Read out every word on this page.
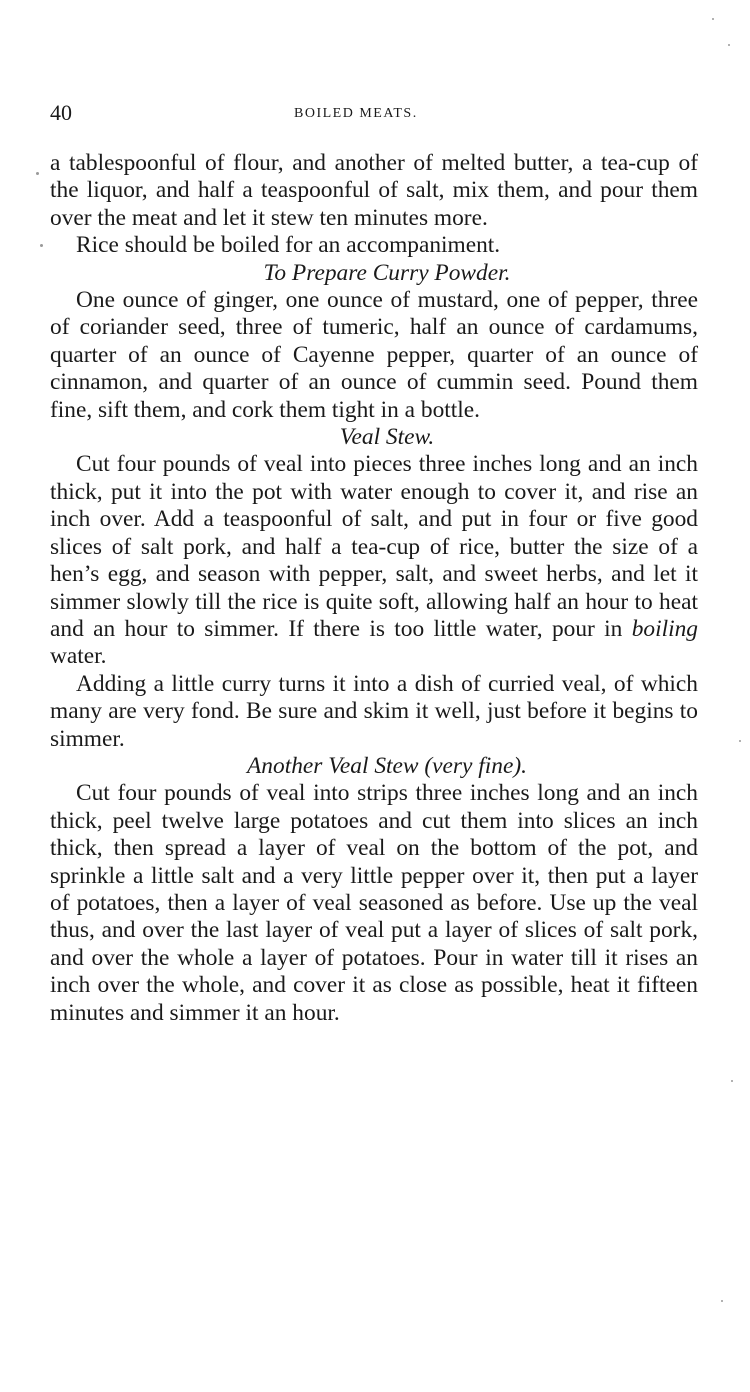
40	BOILED MEATS.

a tablespoonful of flour, and another of melted butter, a tea-cup of the liquor, and half a teaspoonful of salt, mix them, and pour them over the meat and let it stew ten minutes more.

Rice should be boiled for an accompaniment.

To Prepare Curry Powder.

One ounce of ginger, one ounce of mustard, one of pepper, three of coriander seed, three of tumeric, half an ounce of cardamums, quarter of an ounce of Cayenne pepper, quarter of an ounce of cinnamon, and quarter of an ounce of cummin seed. Pound them fine, sift them, and cork them tight in a bottle.

Veal Stew.

Cut four pounds of veal into pieces three inches long and an inch thick, put it into the pot with water enough to cover it, and rise an inch over. Add a teaspoonful of salt, and put in four or five good slices of salt pork, and half a tea-cup of rice, butter the size of a hen’s egg, and season with pepper, salt, and sweet herbs, and let it simmer slowly till the rice is quite soft, allowing half an hour to heat and an hour to simmer. If there is too little water, pour in boiling water.

Adding a little curry turns it into a dish of curried veal, of which many are very fond. Be sure and skim it well, just before it begins to simmer.

Another Veal Stew (very fine).

Cut four pounds of veal into strips three inches long and an inch thick, peel twelve large potatoes and cut them into slices an inch thick, then spread a layer of veal on the bottom of the pot, and sprinkle a little salt and a very little pepper over it, then put a layer of potatoes, then a layer of veal seasoned as before. Use up the veal thus, and over the last layer of veal put a layer of slices of salt pork, and over the whole a layer of potatoes. Pour in water till it rises an inch over the whole, and cover it as close as possible, heat it fifteen minutes and simmer it an hour.
